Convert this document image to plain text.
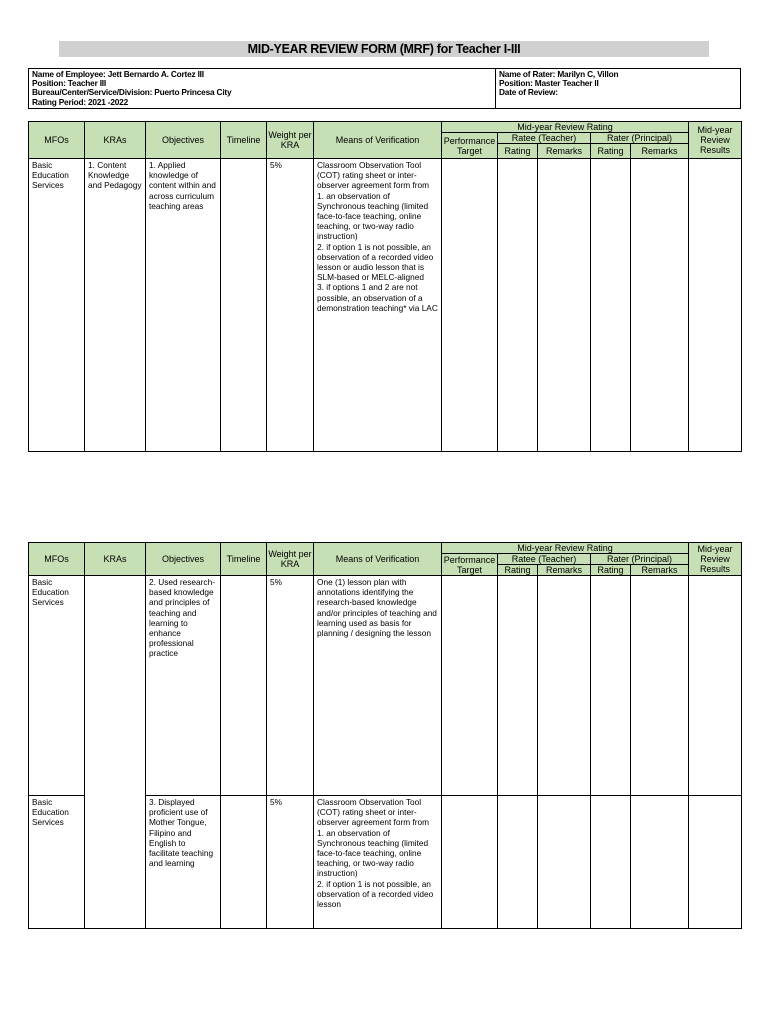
MID-YEAR REVIEW FORM (MRF) for Teacher I-III
Name of Employee: Jett Bernardo A. Cortez III
Position: Teacher III
Bureau/Center/Service/Division: Puerto Princesa City
Rating Period: 2021 -2022
Name of Rater: Marilyn C, Villon
Position: Master Teacher II
Date of Review:
MFOs	KRAs	Objectives	Timeline	Weight per KRA	Means of Verification	Mid-year Review Rating					Mid-year Review Results
						Performance Target	Ratee (Teacher)		Rater (Principal)		
							Rating	Remarks	Rating	Remarks	
Basic Education Services	1. Content Knowledge and Pedagogy	1. Applied knowledge of content within and across curriculum teaching areas		5%	Classroom Observation Tool (COT) rating sheet or inter-observer agreement form from
1. an observation of Synchronous teaching (limited face-to-face teaching, online teaching, or two-way radio instruction)
2. if option 1 is not possible, an observation of a recorded video lesson or audio lesson that is SLM-based or MELC-aligned
3. if options 1 and 2 are not possible, an observation of a demonstration teaching* via LAC						
MFOs	KRAs	Objectives	Timeline	Weight per KRA	Means of Verification	Mid-year Review Rating					Mid-year Review Results
						Performance Target	Ratee (Teacher)		Rater (Principal)		
							Rating	Remarks	Rating	Remarks	
Basic Education Services		2. Used research-based knowledge and principles of teaching and learning to enhance professional practice		5%	One (1) lesson plan with annotations identifying the research-based knowledge and/or principles of teaching and learning used as basis for planning / designing the lesson						
Basic Education Services		3. Displayed proficient use of Mother Tongue, Filipino and English to facilitate teaching and learning		5%	Classroom Observation Tool (COT) rating sheet or inter-observer agreement form from
1. an observation of Synchronous teaching (limited face-to-face teaching, online teaching, or two-way radio instruction)
2. if option 1 is not possible, an observation of a recorded video lesson						
